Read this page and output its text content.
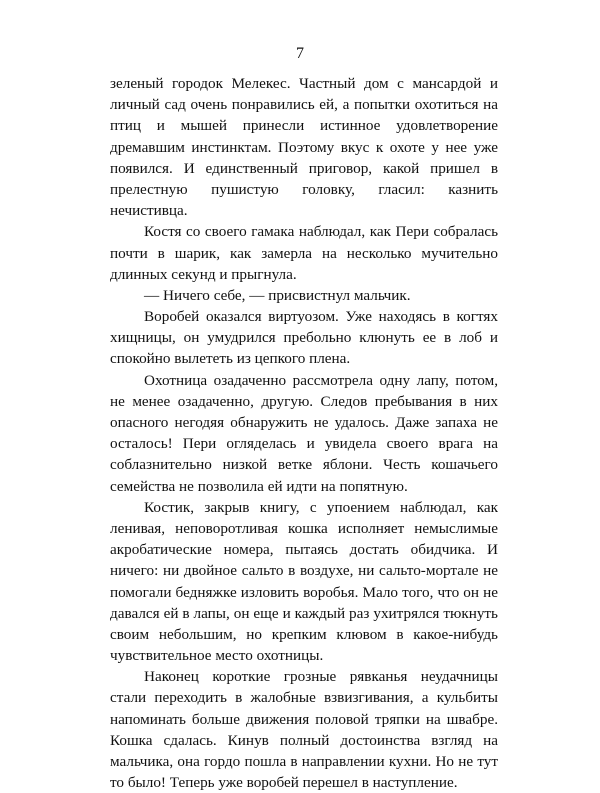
7
зеленый городок Мелекес. Частный дом с мансардой и
личный сад очень понравились ей, а попытки охотиться на
птиц и мышей принесли истинное удовлетворение
дремавшим инстинктам. Поэтому вкус к охоте у нее уже
появился. И единственный приговор, какой пришел в
прелестную пушистую головку, гласил: казнить
нечистивца.
Костя со своего гамака наблюдал, как Пери собралась
почти в шарик, как замерла на несколько мучительно
длинных секунд и прыгнула.
— Ничего себе, — присвистнул мальчик.
Воробей оказался виртуозом. Уже находясь в когтях
хищницы, он умудрился пребольно клюнуть ее в лоб и
спокойно вылететь из цепкого плена.
Охотница озадаченно рассмотрела одну лапу, потом,
не менее озадаченно, другую. Следов пребывания в них
опасного негодяя обнаружить не удалось. Даже запаха не
осталось! Пери огляделась и увидела своего врага на
соблазнительно низкой ветке яблони. Честь кошачьего
семейства не позволила ей идти на попятную.
Костик, закрыв книгу, с упоением наблюдал, как
ленивая, неповоротливая кошка исполняет немыслимые
акробатические номера, пытаясь достать обидчика. И
ничего: ни двойное сальто в воздухе, ни сальто-мортале не
помогали бедняжке изловить воробья. Мало того, что он не
давался ей в лапы, он еще и каждый раз ухитрялся тюкнуть
своим небольшим, но крепким клювом в какое-нибудь
чувствительное место охотницы.
Наконец короткие грозные рявканья неудачницы
стали переходить в жалобные взвизгивания, а кульбиты
напоминать больше движения половой тряпки на швабре.
Кошка сдалась. Кинув полный достоинства взгляд на
мальчика, она гордо пошла в направлении кухни. Но не тут
то было! Теперь уже воробей перешел в наступление.
